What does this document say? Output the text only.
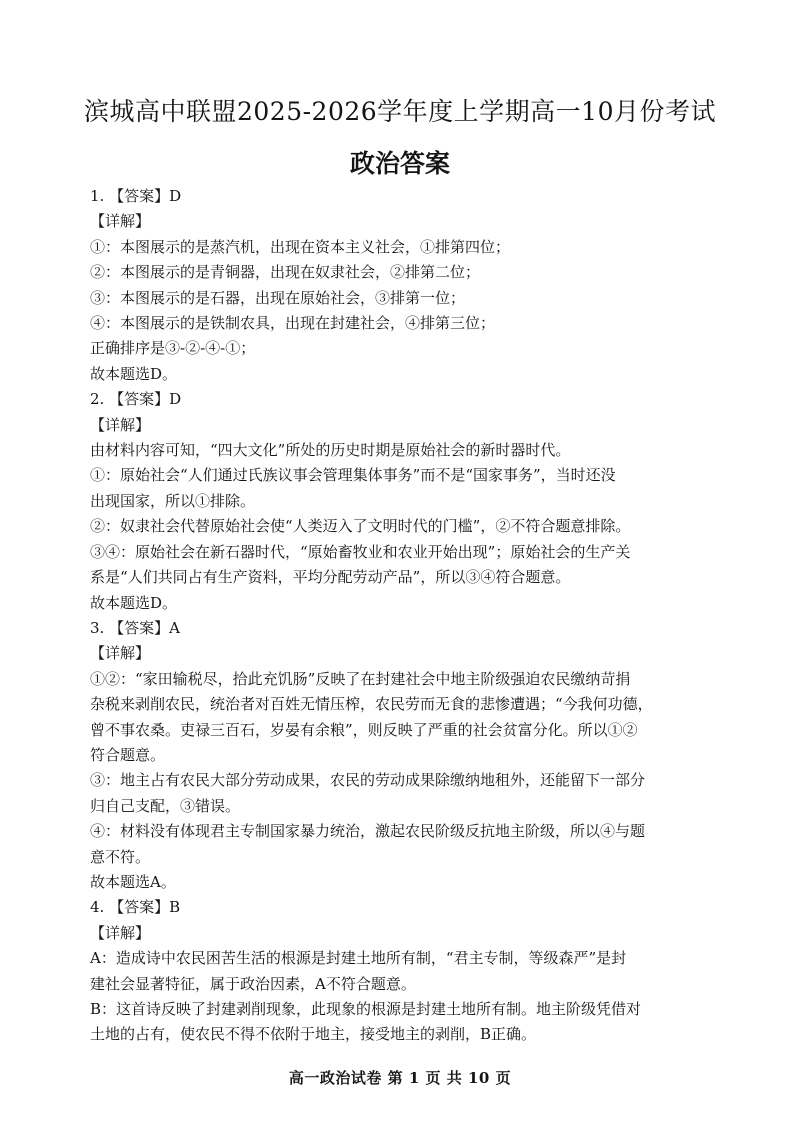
滨城高中联盟2025-2026学年度上学期高一10月份考试
政治答案

1. 【答案】D

【详解】

①：本图展示的是蒸汽机，出现在资本主义社会，①排第四位；

②：本图展示的是青铜器，出现在奴隶社会，②排第二位；

③：本图展示的是石器，出现在原始社会，③排第一位；

④：本图展示的是铁制农具，出现在封建社会，④排第三位；

正确排序是③-②-④-①；

故本题选D。

2. 【答案】D

【详解】

由材料内容可知，“四大文化”所处的历史时期是原始社会的新时器时代。

①：原始社会“人们通过氏族议事会管理集体事务”而不是“国家事务”，当时还没

出现国家，所以①排除。

②：奴隶社会代替原始社会使“人类迈入了文明时代的门槛”，②不符合题意排除。

③④：原始社会在新石器时代，“原始畜牧业和农业开始出现”；原始社会的生产关

系是“人们共同占有生产资料，平均分配劳动产品”，所以③④符合题意。

故本题选D。

3. 【答案】A

【详解】

①②：“家田输税尽，拾此充饥肠”反映了在封建社会中地主阶级强迫农民缴纳苛捐

杂税来剥削农民，统治者对百姓无情压榨，农民劳而无食的悲惨遭遇；“今我何功德，

曾不事农桑。吏禄三百石，岁晏有余粮”，则反映了严重的社会贫富分化。所以①②

符合题意。

③：地主占有农民大部分劳动成果，农民的劳动成果除缴纳地租外，还能留下一部分

归自己支配，③错误。

④：材料没有体现君主专制国家暴力统治，激起农民阶级反抗地主阶级，所以④与题

意不符。

故本题选A。

4. 【答案】B

【详解】

A：造成诗中农民困苦生活的根源是封建土地所有制，“君主专制，等级森严”是封

建社会显著特征，属于政治因素，A不符合题意。

B：这首诗反映了封建剥削现象，此现象的根源是封建土地所有制。地主阶级凭借对

土地的占有，使农民不得不依附于地主，接受地主的剥削，B正确。

高一政治试卷 第 1 页 共 10 页
